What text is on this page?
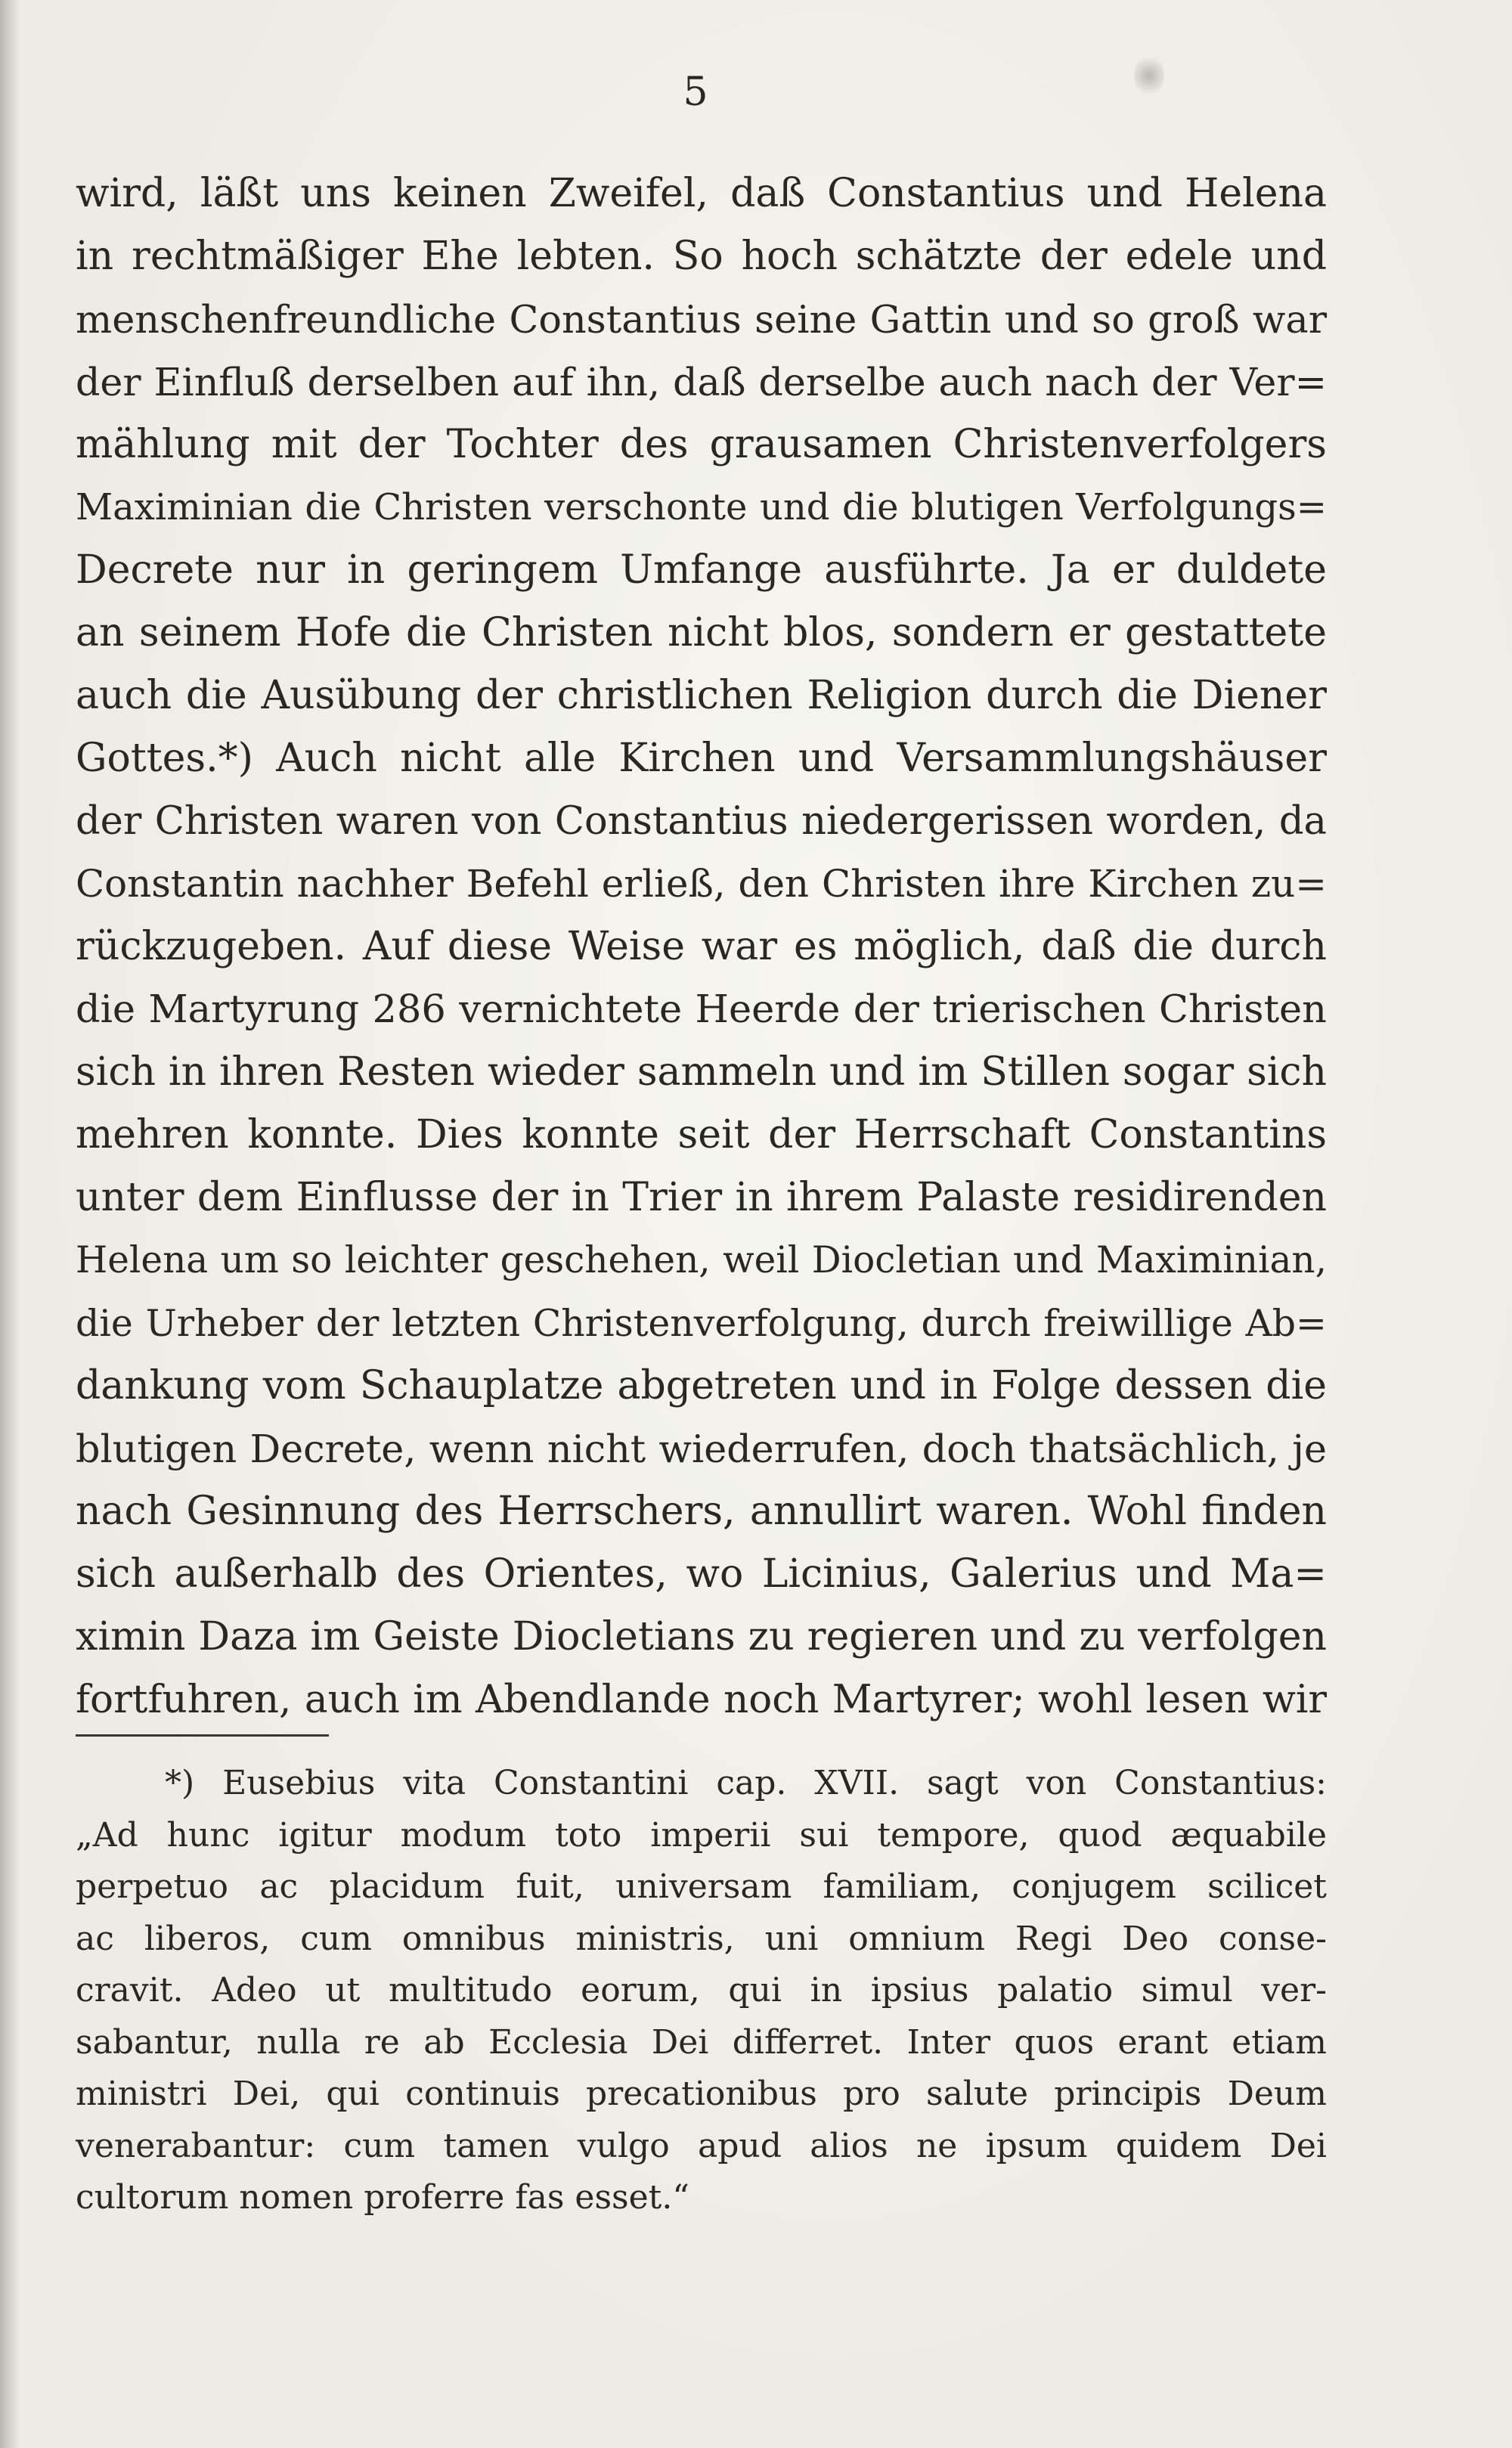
5
wird, läßt uns keinen Zweifel, daß Constantius und Helena
in rechtmäßiger Ehe lebten. So hoch schätzte der edele und
menschenfreundliche Constantius seine Gattin und so groß war
der Einfluß derselben auf ihn, daß derselbe auch nach der Ver=
mählung mit der Tochter des grausamen Christenverfolgers
Maximinian die Christen verschonte und die blutigen Verfolgungs=
Decrete nur in geringem Umfange ausführte. Ja er duldete
an seinem Hofe die Christen nicht blos, sondern er gestattete
auch die Ausübung der christlichen Religion durch die Diener
Gottes.*) Auch nicht alle Kirchen und Versammlungshäuser
der Christen waren von Constantius niedergerissen worden, da
Constantin nachher Befehl erließ, den Christen ihre Kirchen zu=
rückzugeben. Auf diese Weise war es möglich, daß die durch
die Martyrung 286 vernichtete Heerde der trierischen Christen
sich in ihren Resten wieder sammeln und im Stillen sogar sich
mehren konnte. Dies konnte seit der Herrschaft Constantins
unter dem Einflusse der in Trier in ihrem Palaste residirenden
Helena um so leichter geschehen, weil Diocletian und Maximinian,
die Urheber der letzten Christenverfolgung, durch freiwillige Ab=
dankung vom Schauplatze abgetreten und in Folge dessen die
blutigen Decrete, wenn nicht wiederrufen, doch thatsächlich, je
nach Gesinnung des Herrschers, annullirt waren. Wohl finden
sich außerhalb des Orientes, wo Licinius, Galerius und Ma=
ximin Daza im Geiste Diocletians zu regieren und zu verfolgen
fortfuhren, auch im Abendlande noch Martyrer; wohl lesen wir
*) Eusebius vita Constantini cap. XVII. sagt von Constantius:
„Ad hunc igitur modum toto imperii sui tempore, quod æquabile
perpetuo ac placidum fuit, universam familiam, conjugem scilicet
ac liberos, cum omnibus ministris, uni omnium Regi Deo conse-
cravit. Adeo ut multitudo eorum, qui in ipsius palatio simul ver-
sabantur, nulla re ab Ecclesia Dei differret. Inter quos erant etiam
ministri Dei, qui continuis precationibus pro salute principis Deum
venerabantur: cum tamen vulgo apud alios ne ipsum quidem Dei
cultorum nomen proferre fas esset.“
